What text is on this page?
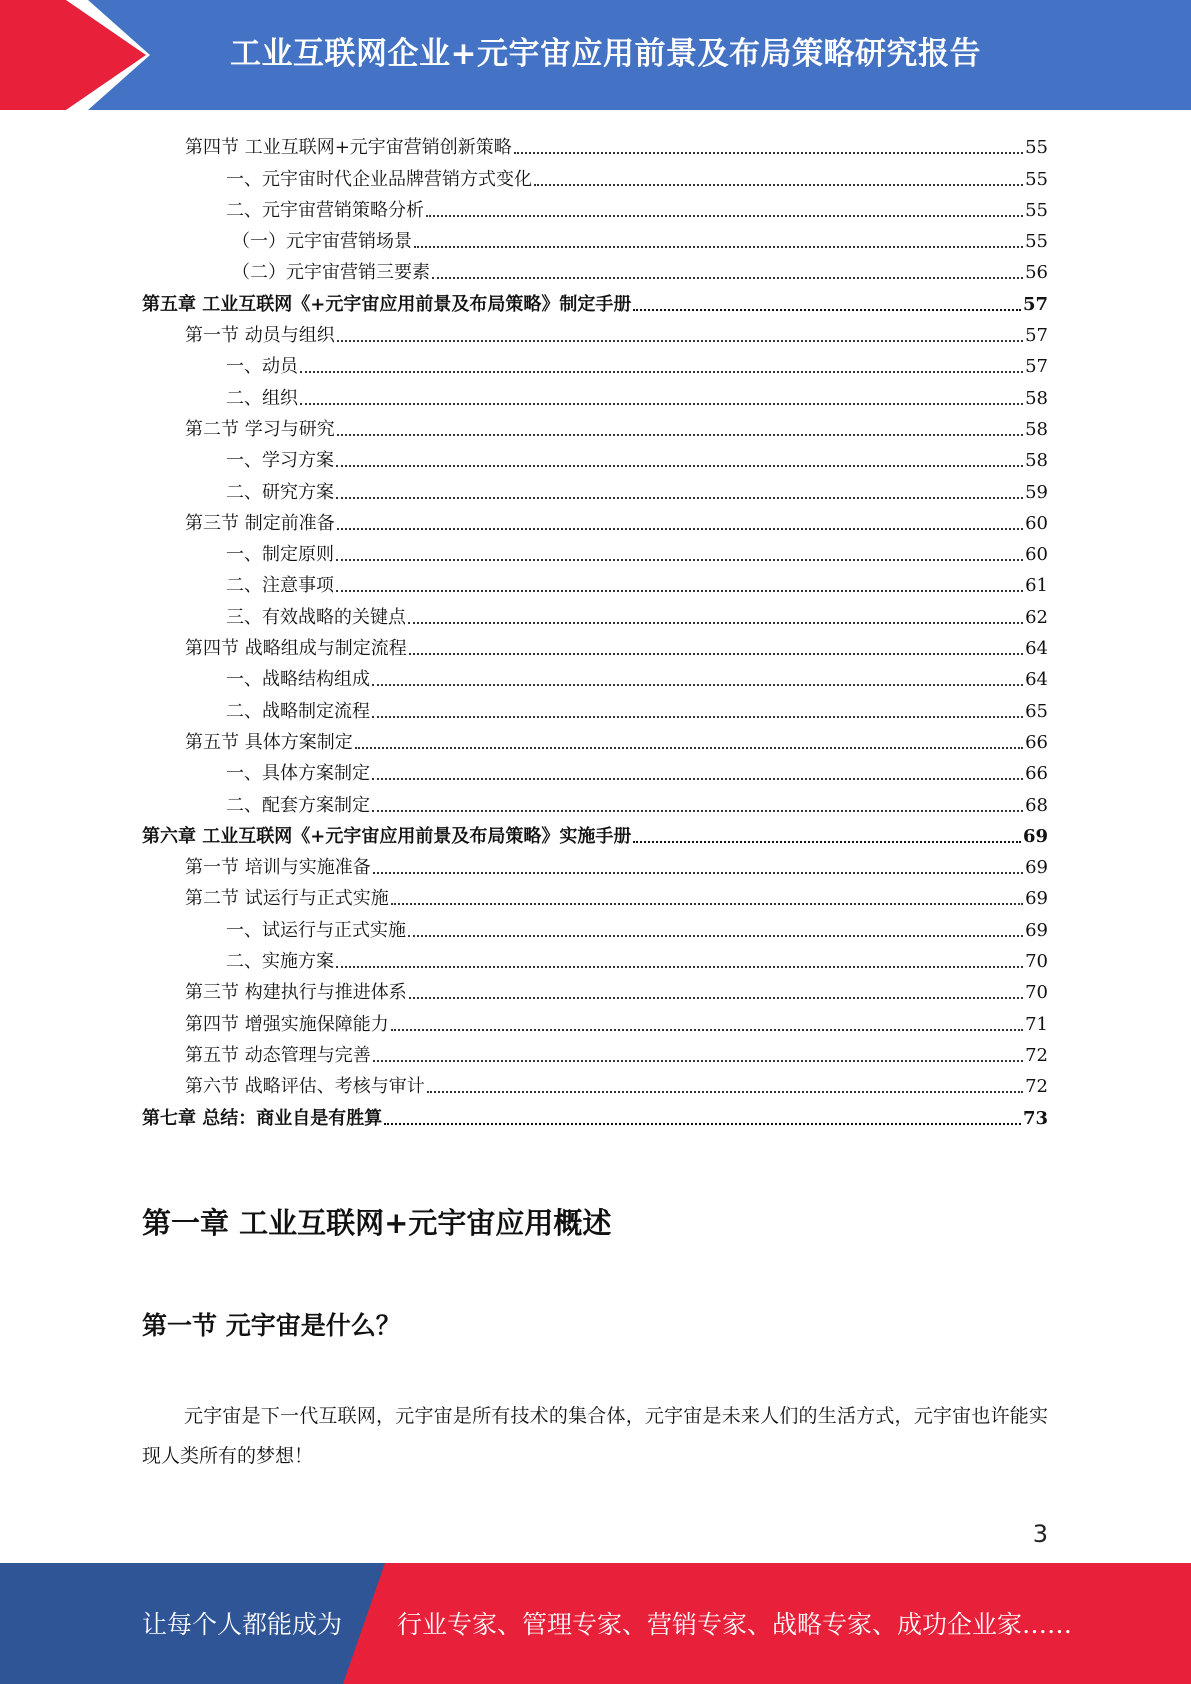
工业互联网企业+元宇宙应用前景及布局策略研究报告
第四节 工业互联网+元宇宙营销创新策略	55
一、元宇宙时代企业品牌营销方式变化	55
二、元宇宙营销策略分析	55
（一）元宇宙营销场景	55
（二）元宇宙营销三要素	56
第五章 工业互联网《+元宇宙应用前景及布局策略》制定手册	57
第一节 动员与组织	57
一、动员	57
二、组织	58
第二节 学习与研究	58
一、学习方案	58
二、研究方案	59
第三节 制定前准备	60
一、制定原则	60
二、注意事项	61
三、有效战略的关键点	62
第四节 战略组成与制定流程	64
一、战略结构组成	64
二、战略制定流程	65
第五节 具体方案制定	66
一、具体方案制定	66
二、配套方案制定	68
第六章 工业互联网《+元宇宙应用前景及布局策略》实施手册	69
第一节 培训与实施准备	69
第二节 试运行与正式实施	69
一、试运行与正式实施	69
二、实施方案	70
第三节 构建执行与推进体系	70
第四节 增强实施保障能力	71
第五节 动态管理与完善	72
第六节 战略评估、考核与审计	72
第七章 总结：商业自是有胜算	73
第一章 工业互联网+元宇宙应用概述
第一节 元宇宙是什么？
元宇宙是下一代互联网，元宇宙是所有技术的集合体，元宇宙是未来人们的生活方式，元宇宙也许能实现人类所有的梦想！
3
让每个人都能成为 行业专家、管理专家、营销专家、战略专家、成功企业家……
